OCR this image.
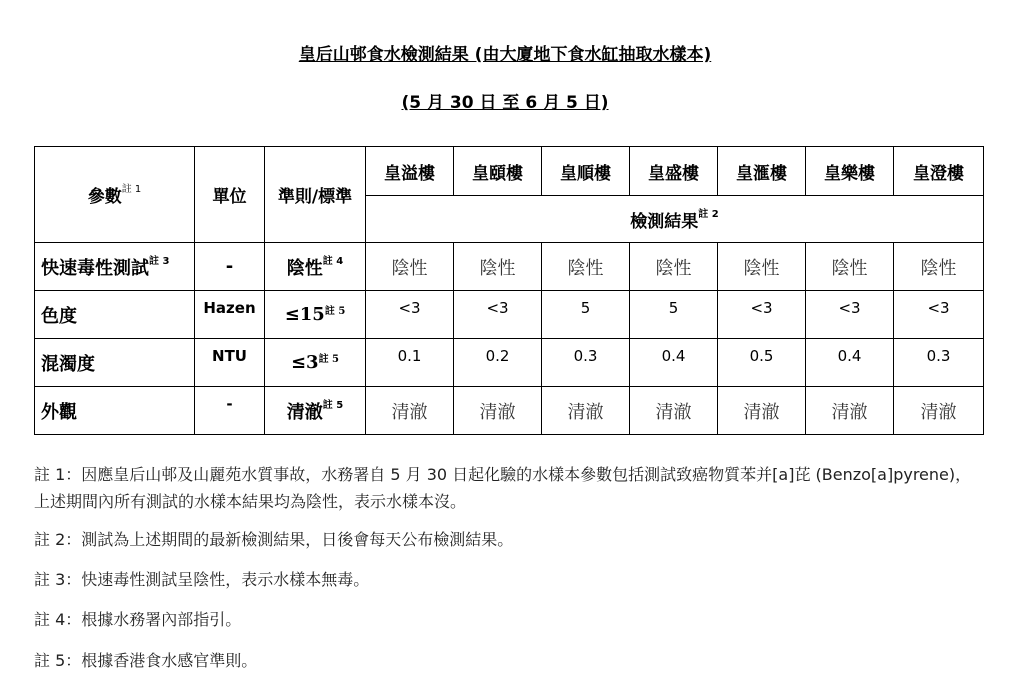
皇后山邨食水檢測結果 (由大廈地下食水缸抽取水樣本)
(5 月 30 日 至 6 月 5 日)
參數$^{註 1}$	單位	準則/標準	皇溢樓	皇頤樓	皇順樓	皇盛樓	皇滙樓	皇樂樓	皇澄樓
			檢測結果$^{註 2}$
快速毒性測試$^{註 3}$	-	陰性$^{註 4}$	陰性	陰性	陰性	陰性	陰性	陰性	陰性
色度	Hazen	$\le 15^{註 5}$	<3	<3	5	5	<3	<3	<3
混濁度	NTU	$\le 3^{註 5}$	0.1	0.2	0.3	0.4	0.5	0.4	0.3
外觀	-	清澈$^{註 5}$	清澈	清澈	清澈	清澈	清澈	清澈	清澈
註 1：因應皇后山邨及山麗苑水質事故，水務署自 5 月 30 日起化驗的水樣本參數包括測試致癌物質苯并[a]芘 (Benzo[a]pyrene)，上述期間內所有測試的水樣本結果均為陰性，表示水樣本沒。
註 2：測試為上述期間的最新檢測結果，日後會每天公布檢測結果。
註 3：快速毒性測試呈陰性，表示水樣本無毒。
註 4：根據水務署內部指引。
註 5：根據香港食水感官準則。
